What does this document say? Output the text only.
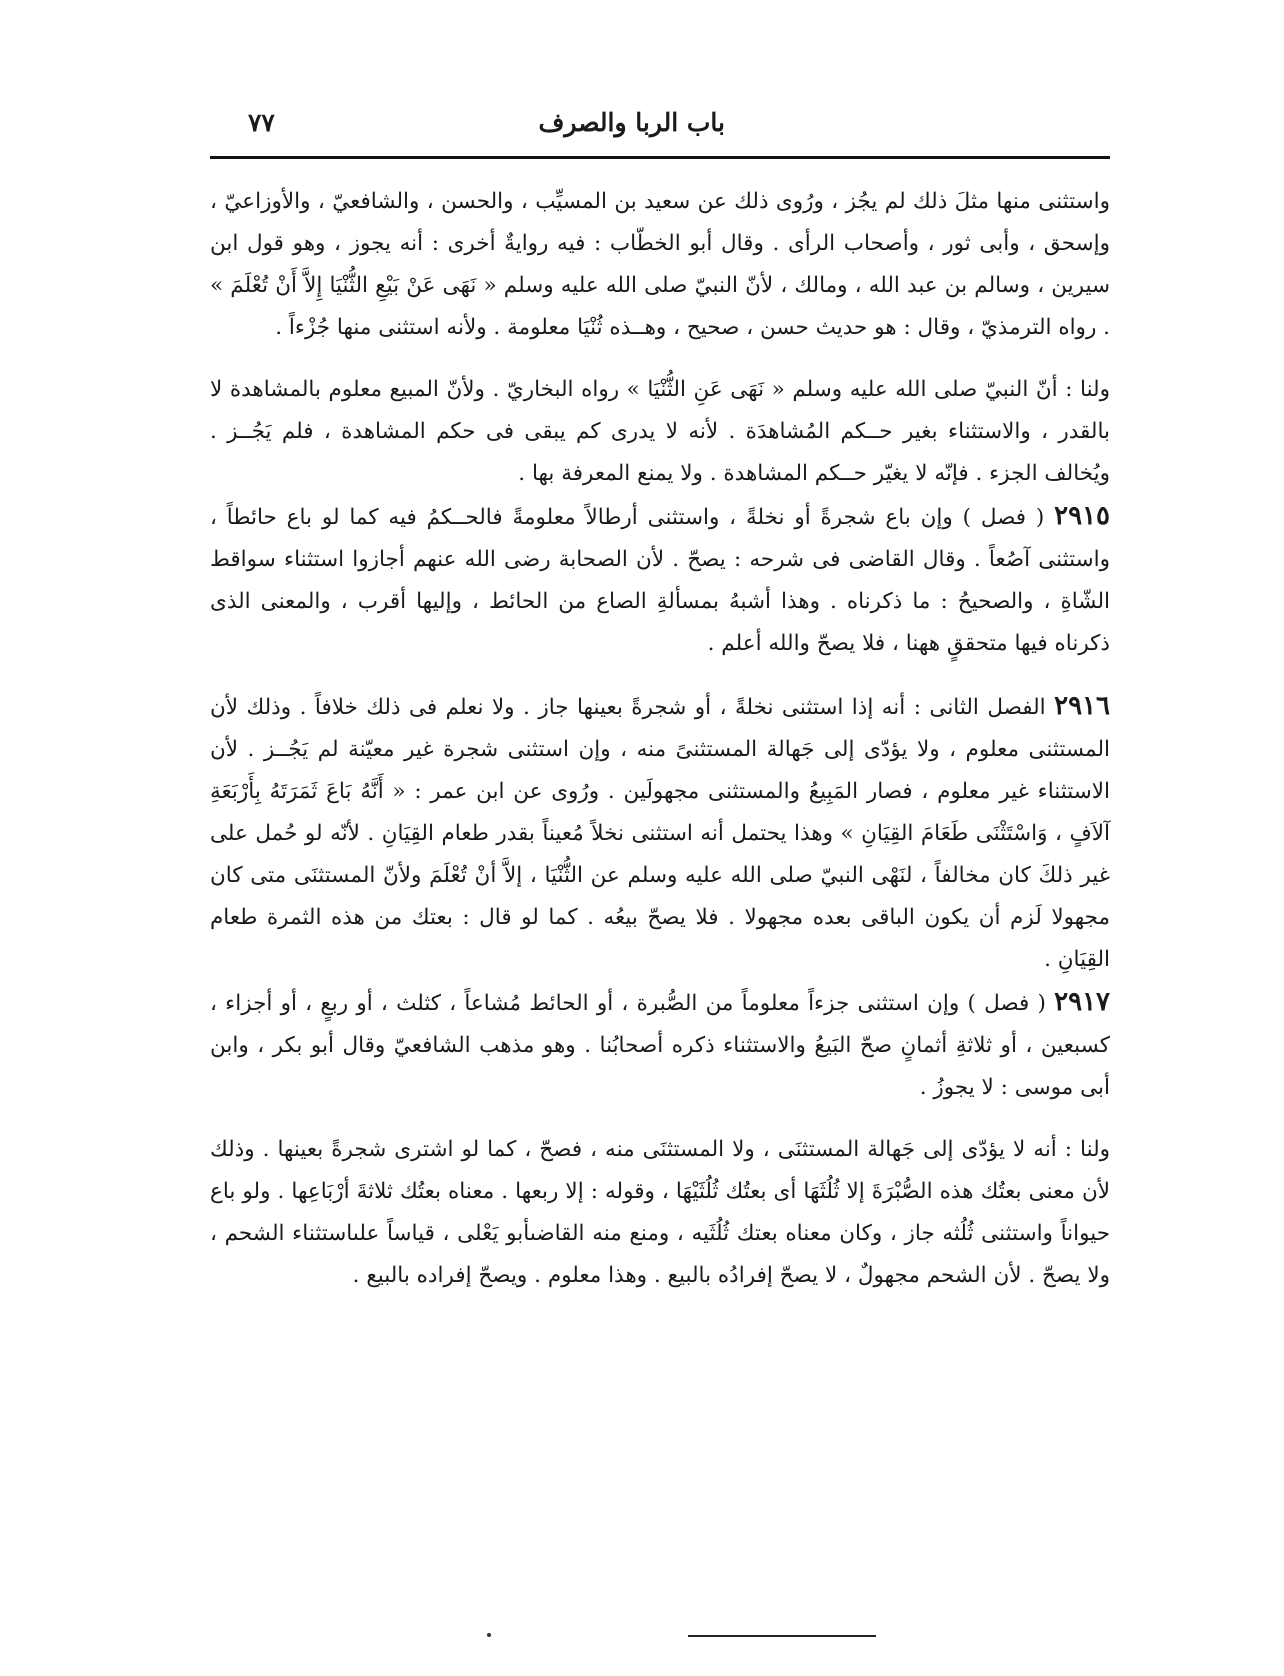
باب الربا والصرف
٧٧

واستثنى منها مثلَ ذلك لم يجُز ، ورُوى ذلك عن سعيد بن المسيِّب ، والحسن ، والشافعيّ ، والأوزاعيّ ، وإسحق ، وأبى ثور ، وأصحاب الرأى . وقال أبو الخطّاب : فيه روايةٌ أخرى : أنه يجوز ، وهو قول ابن سيرين ، وسالم بن عبد الله ، ومالك ، لأنّ النبيّ صلى الله عليه وسلم « نَهَى عَنْ بَيْعِ الثُّنْيَا إِلاَّ أَنْ تُعْلَمَ » . رواه الترمذيّ ، وقال : هو حديث حسن ، صحيح ، وهــذه ثُنْيَا معلومة . ولأنه استثنى منها جُزْءاً .

ولنا : أنّ النبيّ صلى الله عليه وسلم « نَهَى عَنِ الثُّنْيَا » رواه البخاريّ . ولأنّ المبيع معلوم بالمشاهدة لا بالقدر ، والاستثناء بغير حــكم المُشاهدَة . لأنه لا يدرى كم يبقى فى حكم المشاهدة ، فلم يَجُــز . ويُخالف الجزء . فإنّه لا يغيّر حــكم المشاهدة . ولا يمنع المعرفة بها .

٢٩١٥ ( فصل ) وإن باع شجرةً أو نخلةً ، واستثنى أرطالاً معلومةً فالحــكمُ فيه كما لو باع حائطاً ، واستثنى آصُعاً . وقال القاضى فى شرحه : يصحّ . لأن الصحابة رضى الله عنهم أجازوا استثناء سواقط الشّاةِ ، والصحيحُ : ما ذكرناه . وهذا أشبهُ بمسألةِ الصاع من الحائط ، وإليها أقرب ، والمعنى الذى ذكرناه فيها متحققٍ ههنا ، فلا يصحّ والله أعلم .

٢٩١٦ الفصل الثانى : أنه إذا استثنى نخلةً ، أو شجرةً بعينها جاز . ولا نعلم فى ذلك خلافاً . وذلك لأن المستثنى معلوم ، ولا يؤدّى إلى جَهالة المستثنىً منه ، وإن استثنى شجرة غير معيّنة لم يَجُــز . لأن الاستثناء غير معلوم ، فصار المَبِيعُ والمستثنى مجهولَين . ورُوى عن ابن عمر : « أَنَّهُ بَاعَ ثَمَرَتَهُ بِأَرْبَعَةِ آلاَفٍ ، وَاسْتَثْنَى طَعَامَ القِيَانِ » وهذا يحتمل أنه استثنى نخلاً مُعيناً بقدر طعام القِيَانِ . لأنّه لو حُمل على غير ذلكَ كان مخالفاً ، لنَهْى النبيّ صلى الله عليه وسلم عن الثُّنْيَا ، إلاَّ أنْ تُعْلَمَ ولأنّ المستثنَى متى كان مجهولا لَزم أن يكون الباقى بعده مجهولا . فلا يصحّ بيعُه . كما لو قال : بعتك من هذه الثمرة طعام القِيَانِ .

٢٩١٧ ( فصل ) وإن استثنى جزءاً معلوماً من الصُّبرة ، أو الحائط مُشاعاً ، كثلث ، أو ربعٍ ، أو أجزاء ، كسبعين ، أو ثلاثةِ أثمانٍ صحّ البَيعُ والاستثناء ذكره أصحابُنا . وهو مذهب الشافعيّ وقال أبو بكر ، وابن أبى موسى : لا يجوزُ .

ولنا : أنه لا يؤدّى إلى جَهالة المستثنَى ، ولا المستثنَى منه ، فصحّ ، كما لو اشترى شجرةً بعينها . وذلك لأن معنى بعتُك هذه الصُّبْرَةَ إلا ثُلُثَهَا أى بعتُك ثُلُثَيْهَا ، وقوله : إلا ربعها . معناه بعتُك ثلاثةَ أرْبَاعِها . ولو باع حيواناً واستثنى ثُلُثه جاز ، وكان معناه بعتك ثُلُثَيه ، ومنع منه القاضىأبو يَعْلى ، قياساً علىاستثناء الشحم ، ولا يصحّ . لأن الشحم مجهولٌ ، لا يصحّ إفرادُه بالبيع . وهذا معلوم . ويصحّ إفراده بالبيع .
